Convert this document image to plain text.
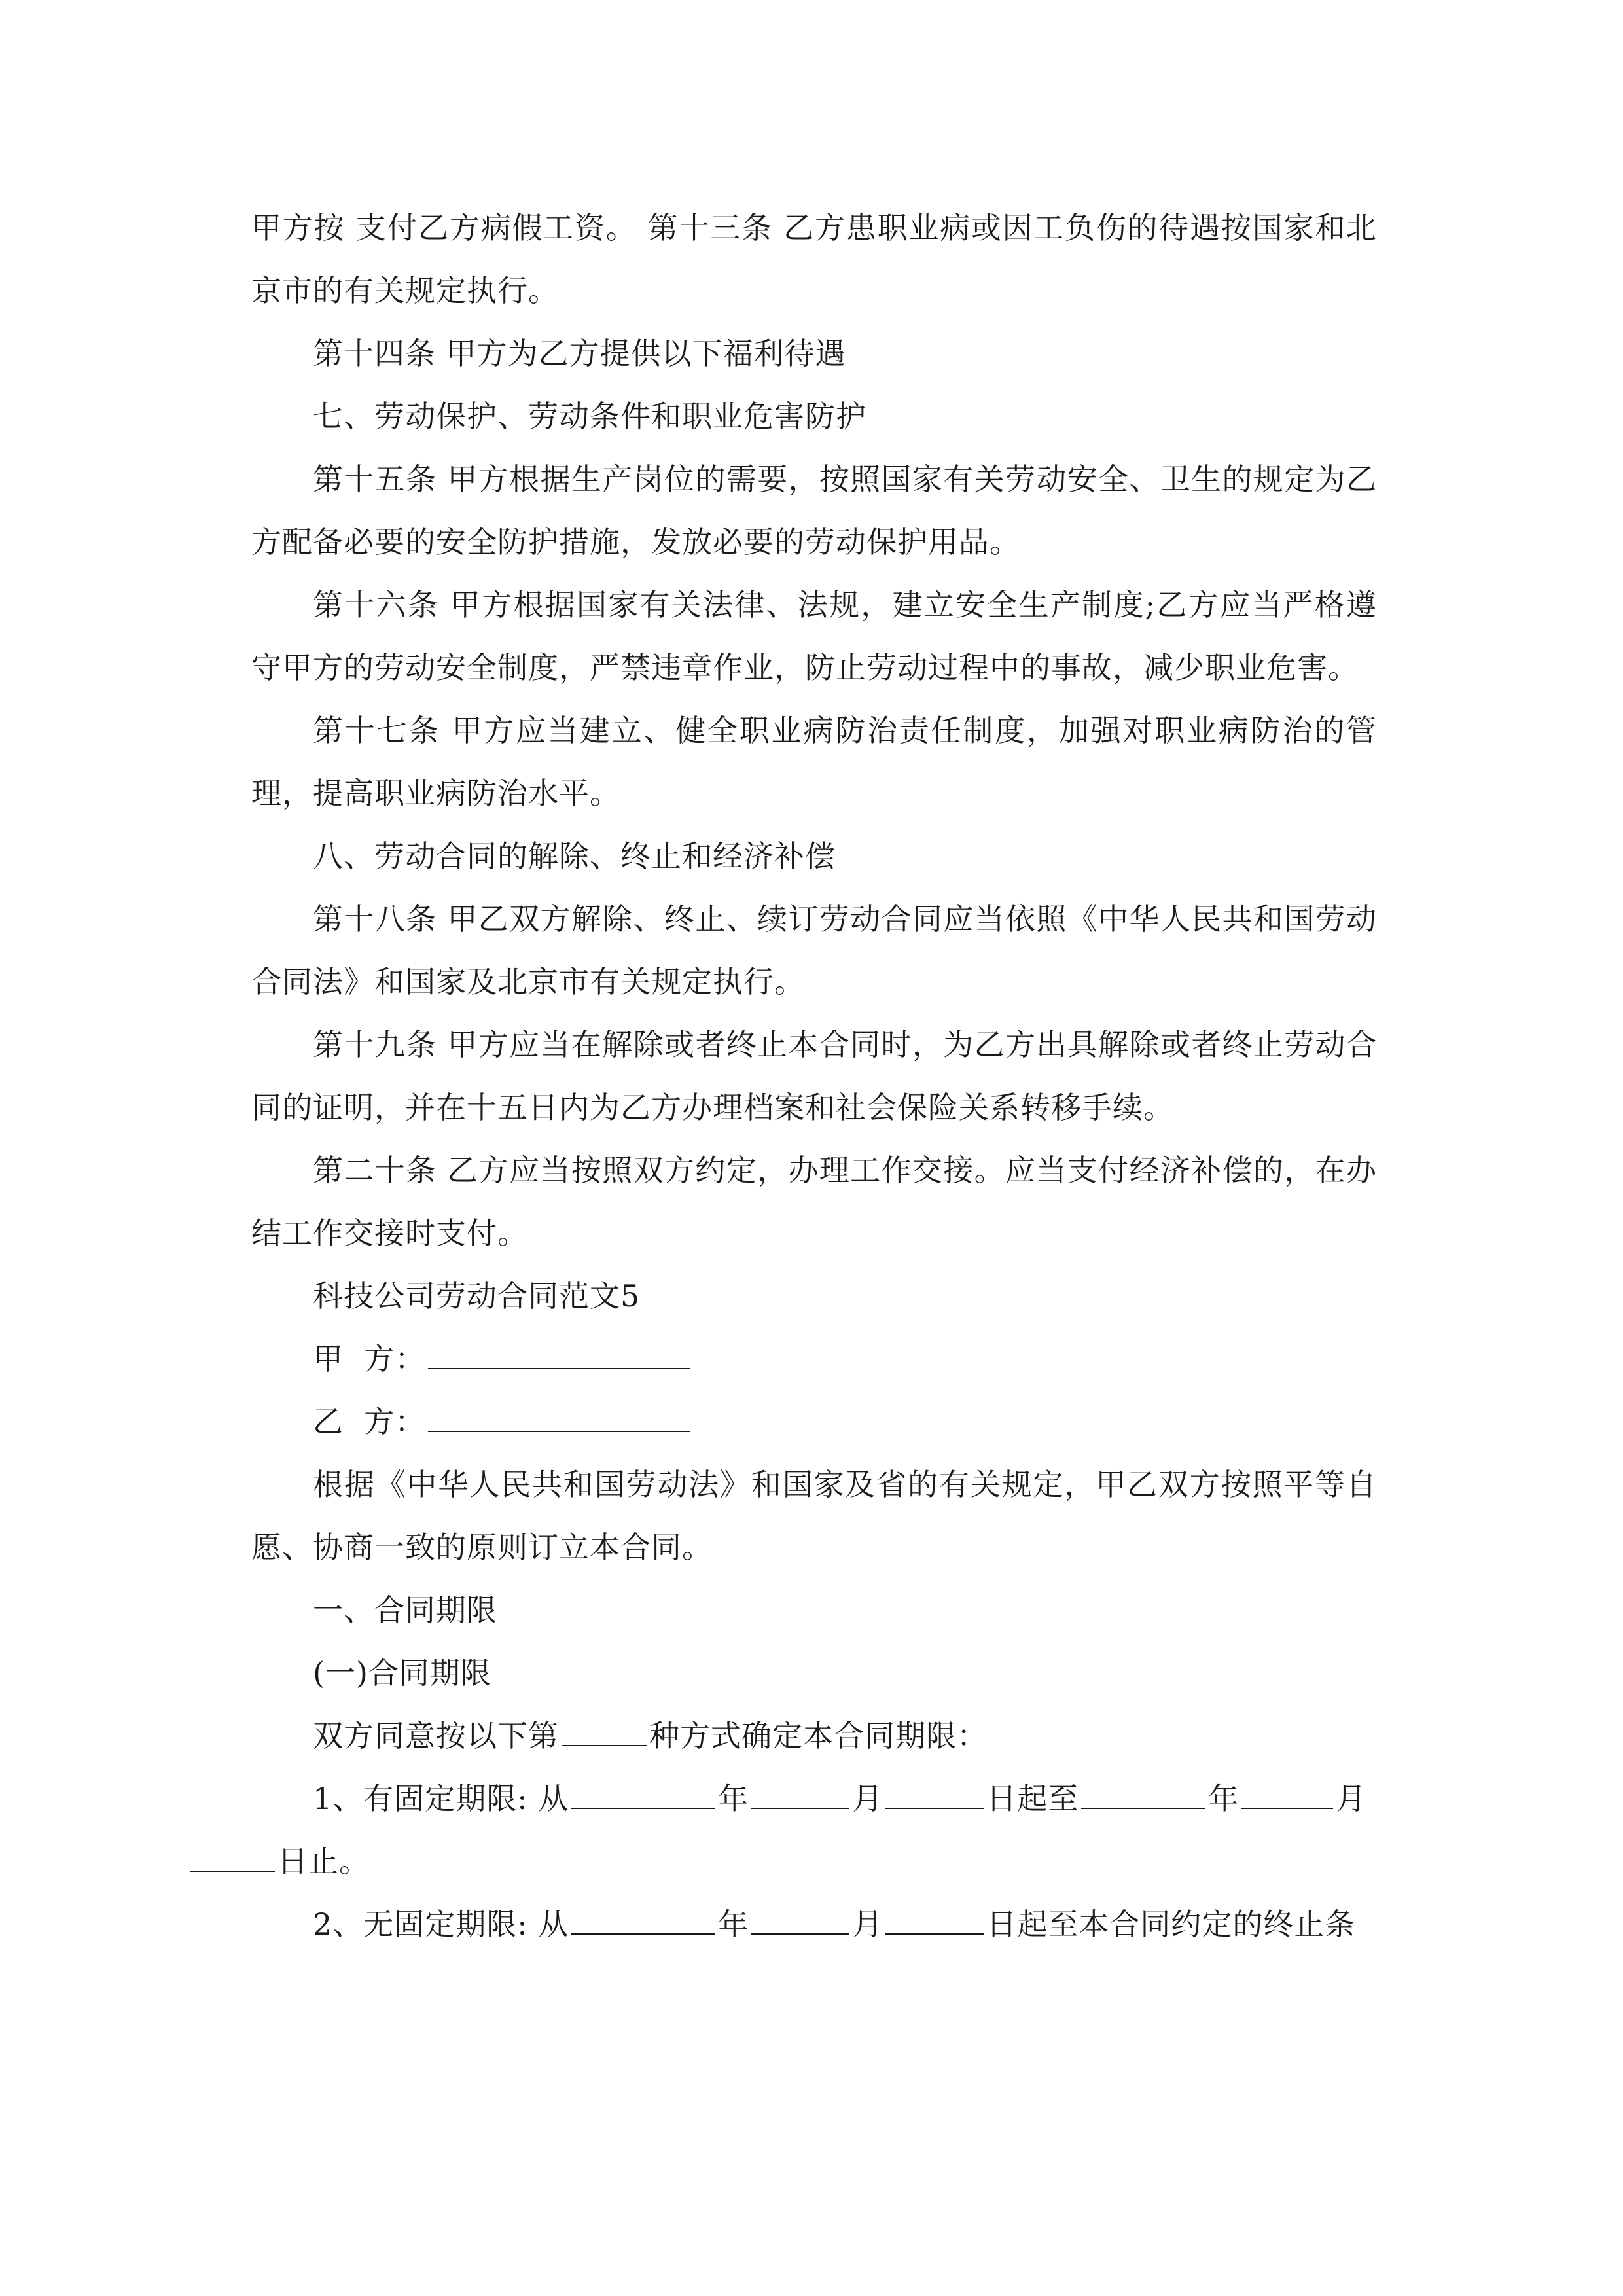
甲方按 支付乙方病假工资。 第十三条 乙方患职业病或因工负伤的待遇按国家和北京市的有关规定执行。

第十四条 甲方为乙方提供以下福利待遇

七、劳动保护、劳动条件和职业危害防护

第十五条 甲方根据生产岗位的需要，按照国家有关劳动安全、卫生的规定为乙方配备必要的安全防护措施，发放必要的劳动保护用品。

第十六条 甲方根据国家有关法律、法规，建立安全生产制度;乙方应当严格遵守甲方的劳动安全制度，严禁违章作业，防止劳动过程中的事故，减少职业危害。

第十七条 甲方应当建立、健全职业病防治责任制度，加强对职业病防治的管理，提高职业病防治水平。

八、劳动合同的解除、终止和经济补偿

第十八条 甲乙双方解除、终止、续订劳动合同应当依照《中华人民共和国劳动合同法》和国家及北京市有关规定执行。

第十九条 甲方应当在解除或者终止本合同时，为乙方出具解除或者终止劳动合同的证明，并在十五日内为乙方办理档案和社会保险关系转移手续。

第二十条 乙方应当按照双方约定，办理工作交接。应当支付经济补偿的，在办结工作交接时支付。

科技公司劳动合同范文5

甲  方：
乙  方：

根据《中华人民共和国劳动法》和国家及省的有关规定，甲乙双方按照平等自愿、协商一致的原则订立本合同。

一、合同期限

(一)合同期限

双方同意按以下第	种方式确定本合同期限：

1、有固定期限: 从	年	月	日起至	年	月
日止。

2、无固定期限: 从	年	月	日起至本合同约定的终止条
